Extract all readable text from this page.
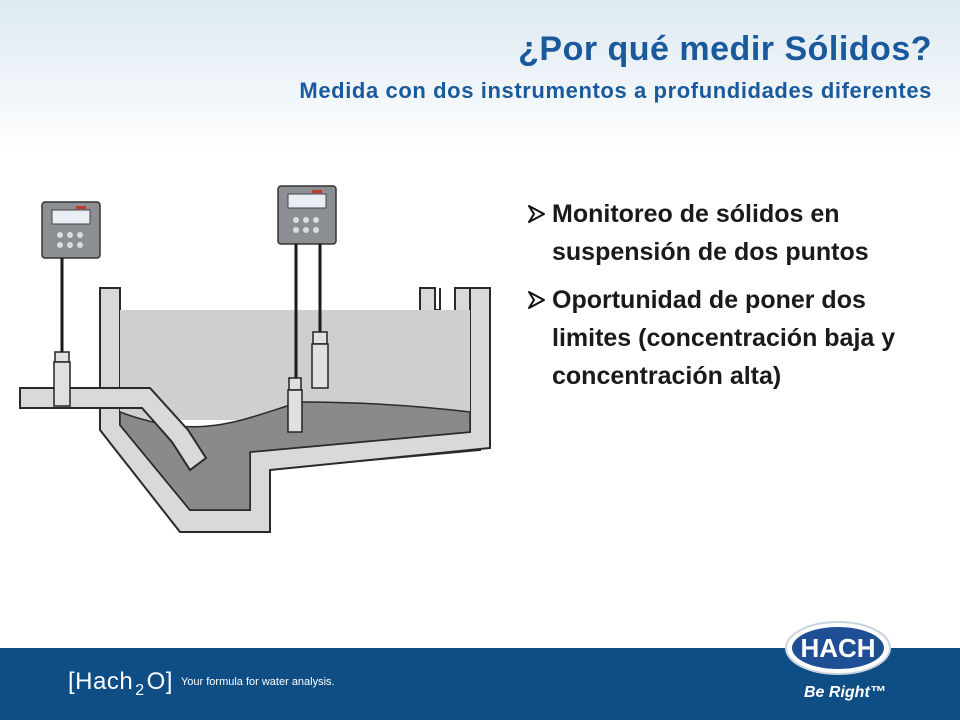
¿Por qué medir Sólidos?
Medida con dos instrumentos a profundidades diferentes
Monitoreo de sólidos en suspensión de dos puntos
Oportunidad de poner dos limites (concentración baja y concentración alta)
[Hach $_2$O] Your formula for water analysis.
HACH
®
Be Right™
